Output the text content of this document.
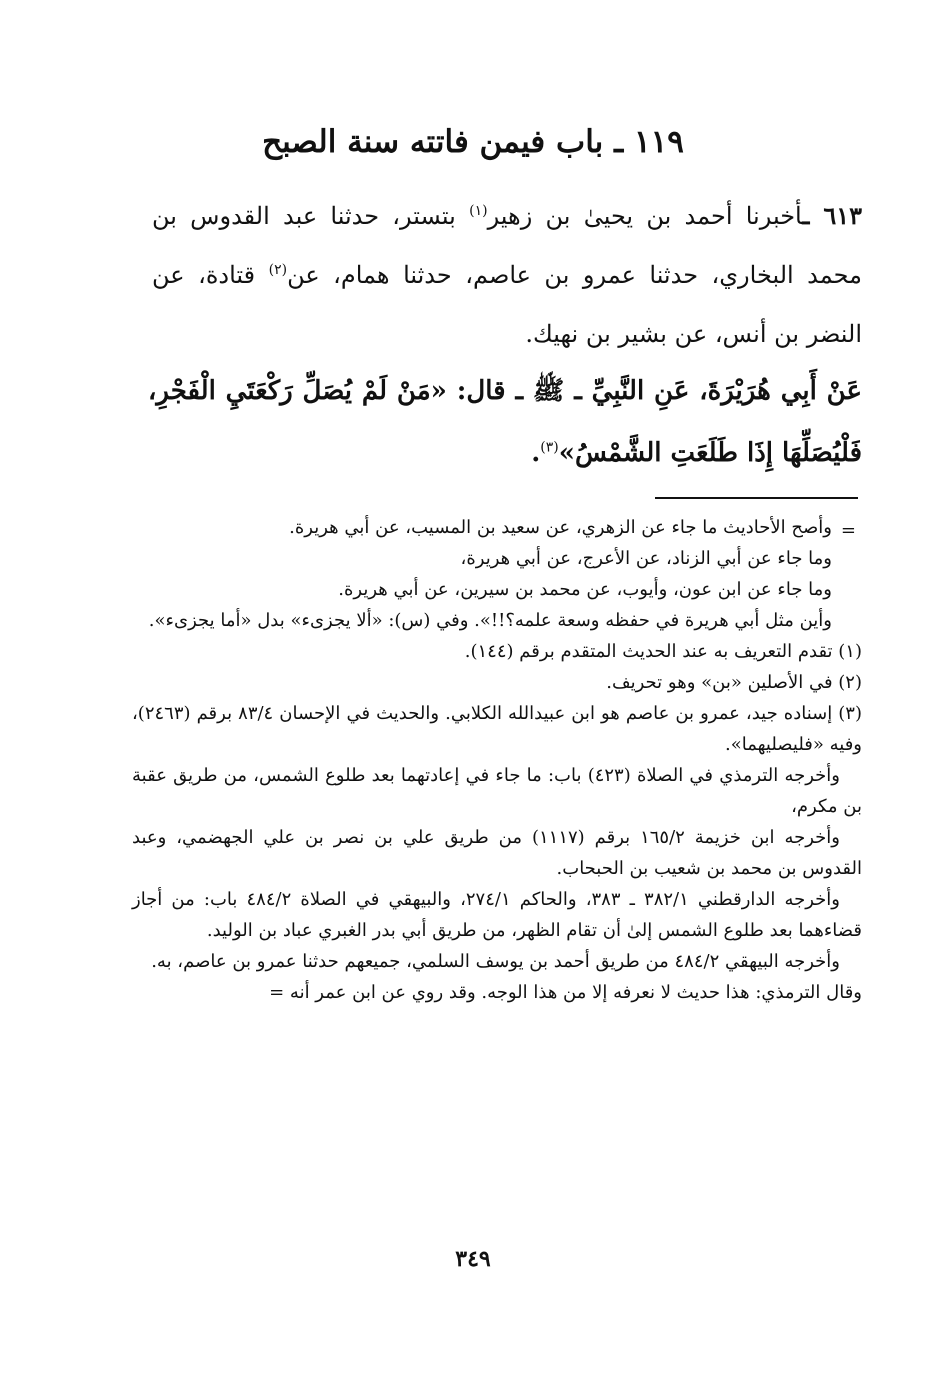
١١٩ ـ باب فيمن فاتته سنة الصبح

٦١٣ ـأخبرنا أحمد بن يحيىٰ بن زهير$^{(١)}$ بتستر، حدثنا عبد القدوس بن محمد البخاري، حدثنا عمرو بن عاصم، حدثنا همام، عن$^{(٢)}$ قتادة، عن النضر بن أنس، عن بشير بن نهيك.

عَنْ أَبِي هُرَيْرَةَ، عَنِ النَّبِيِّ ـ ﷺ ـ قال: «مَنْ لَمْ يُصَلِّ رَكْعَتَيِ الْفَجْرِ، فَلْيُصَلِّهَا إِذَا طَلَعَتِ الشَّمْسُ»$^{(٣)}$.

=
وأصح الأحاديث ما جاء عن الزهري، عن سعيد بن المسيب، عن أبي هريرة.
وما جاء عن أبي الزناد، عن الأعرج، عن أبي هريرة،
وما جاء عن ابن عون، وأيوب، عن محمد بن سيرين، عن أبي هريرة.
وأين مثل أبي هريرة في حفظه وسعة علمه؟!!». وفي (س): «ألا يجزىء» بدل «أما يجزىء».
(١) تقدم التعريف به عند الحديث المتقدم برقم (١٤٤).
(٢) في الأصلين «بن» وهو تحريف.
(٣) إسناده جيد، عمرو بن عاصم هو ابن عبيدالله الكلابي. والحديث في الإحسان ٨٣/٤ برقم (٢٤٦٣)، وفيه «فليصليهما».
وأخرجه الترمذي في الصلاة (٤٢٣) باب: ما جاء في إعادتهما بعد طلوع الشمس، من طريق عقبة بن مكرم،
وأخرجه ابن خزيمة ١٦٥/٢ برقم (١١١٧) من طريق علي بن نصر بن علي الجهضمي، وعبد القدوس بن محمد بن شعيب بن الحبحاب.
وأخرجه الدارقطني ٣٨٢/١ ـ ٣٨٣، والحاكم ٢٧٤/١، والبيهقي في الصلاة ٤٨٤/٢ باب: من أجاز قضاءهما بعد طلوع الشمس إلىٰ أن تقام الظهر، من طريق أبي بدر الغبري عباد بن الوليد.
وأخرجه البيهقي ٤٨٤/٢ من طريق أحمد بن يوسف السلمي، جميعهم حدثنا عمرو بن عاصم، به.
وقال الترمذي: هذا حديث لا نعرفه إلا من هذا الوجه. وقد روي عن ابن عمر أنه =

٣٤٩
